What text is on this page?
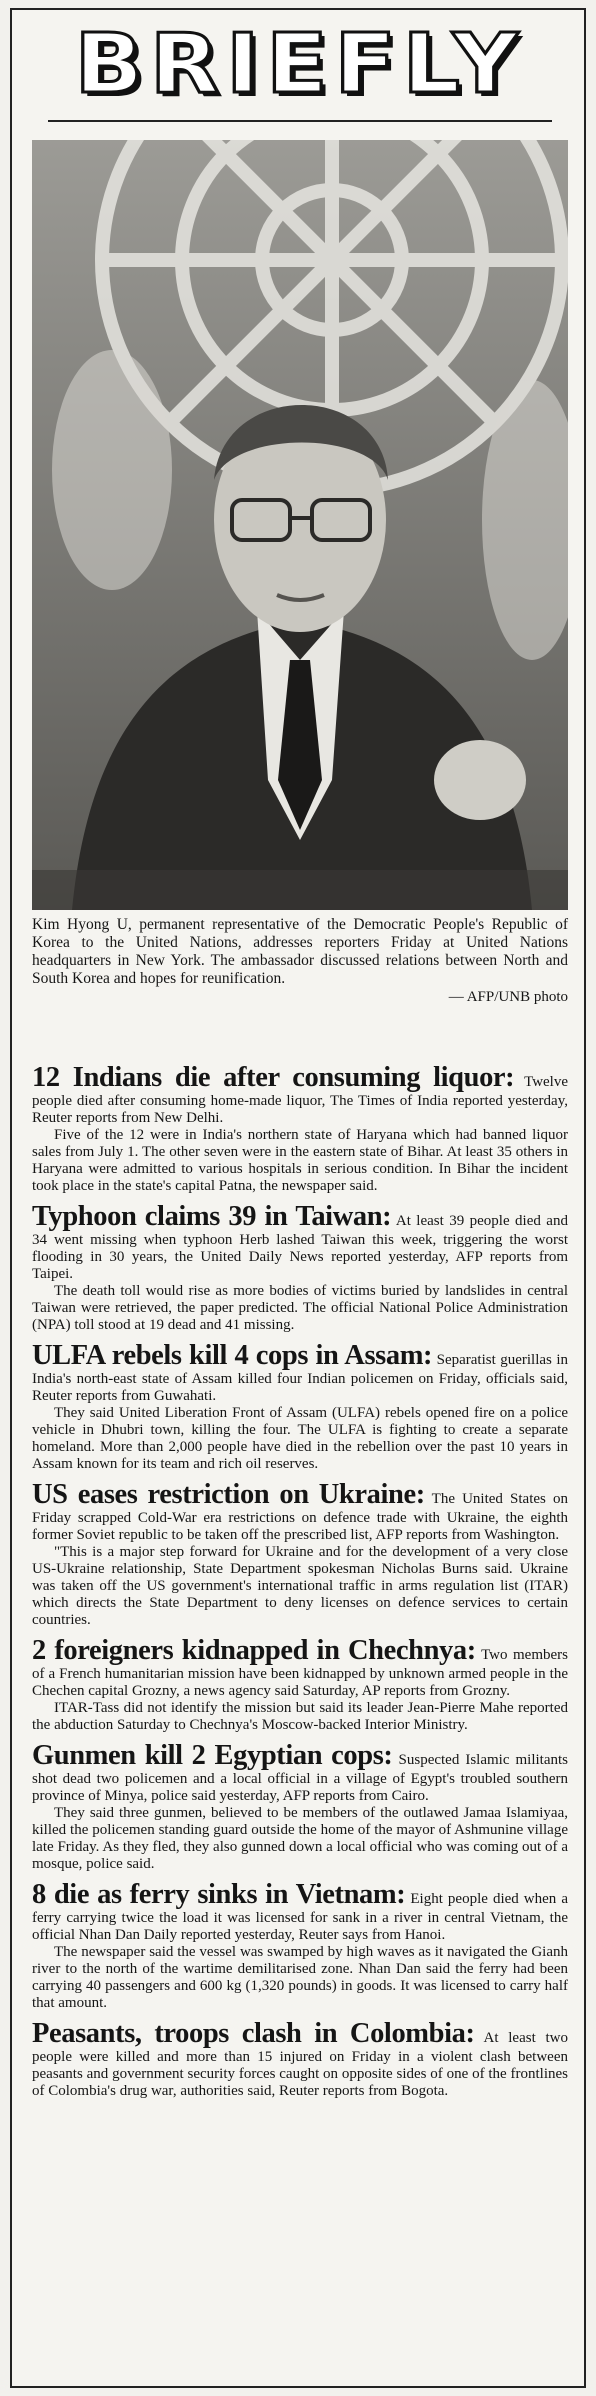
BRIEFLY
Kim Hyong U, permanent representative of the Democratic People's Republic of Korea to the United Nations, addresses reporters Friday at United Nations headquarters in New York. The ambassador discussed relations between North and South Korea and hopes for reunification.
— AFP/UNB photo

12 Indians die after consuming liquor: Twelve people died after consuming home-made liquor, The Times of India reported yesterday, Reuter reports from New Delhi.

Five of the 12 were in India's northern state of Haryana which had banned liquor sales from July 1. The other seven were in the eastern state of Bihar. At least 35 others in Haryana were admitted to various hospitals in serious condition. In Bihar the incident took place in the state's capital Patna, the newspaper said.

Typhoon claims 39 in Taiwan: At least 39 people died and 34 went missing when typhoon Herb lashed Taiwan this week, triggering the worst flooding in 30 years, the United Daily News reported yesterday, AFP reports from Taipei.

The death toll would rise as more bodies of victims buried by landslides in central Taiwan were retrieved, the paper predicted. The official National Police Administration (NPA) toll stood at 19 dead and 41 missing.

ULFA rebels kill 4 cops in Assam: Separatist guerillas in India's north-east state of Assam killed four Indian policemen on Friday, officials said, Reuter reports from Guwahati.

They said United Liberation Front of Assam (ULFA) rebels opened fire on a police vehicle in Dhubri town, killing the four. The ULFA is fighting to create a separate homeland. More than 2,000 people have died in the rebellion over the past 10 years in Assam known for its team and rich oil reserves.

US eases restriction on Ukraine: The United States on Friday scrapped Cold-War era restrictions on defence trade with Ukraine, the eighth former Soviet republic to be taken off the prescribed list, AFP reports from Washington.

"This is a major step forward for Ukraine and for the development of a very close US-Ukraine relationship, State Department spokesman Nicholas Burns said. Ukraine was taken off the US government's international traffic in arms regulation list (ITAR) which directs the State Department to deny licenses on defence services to certain countries.

2 foreigners kidnapped in Chechnya: Two members of a French humanitarian mission have been kidnapped by unknown armed people in the Chechen capital Grozny, a news agency said Saturday, AP reports from Grozny.

ITAR-Tass did not identify the mission but said its leader Jean-Pierre Mahe reported the abduction Saturday to Chechnya's Moscow-backed Interior Ministry.

Gunmen kill 2 Egyptian cops: Suspected Islamic militants shot dead two policemen and a local official in a village of Egypt's troubled southern province of Minya, police said yesterday, AFP reports from Cairo.

They said three gunmen, believed to be members of the outlawed Jamaa Islamiyaa, killed the policemen standing guard outside the home of the mayor of Ashmunine village late Friday. As they fled, they also gunned down a local official who was coming out of a mosque, police said.

8 die as ferry sinks in Vietnam: Eight people died when a ferry carrying twice the load it was licensed for sank in a river in central Vietnam, the official Nhan Dan Daily reported yesterday, Reuter says from Hanoi.

The newspaper said the vessel was swamped by high waves as it navigated the Gianh river to the north of the wartime demilitarised zone. Nhan Dan said the ferry had been carrying 40 passengers and 600 kg (1,320 pounds) in goods. It was licensed to carry half that amount.

Peasants, troops clash in Colombia: At least two people were killed and more than 15 injured on Friday in a violent clash between peasants and government security forces caught on opposite sides of one of the frontlines of Colombia's drug war, authorities said, Reuter reports from Bogota.
